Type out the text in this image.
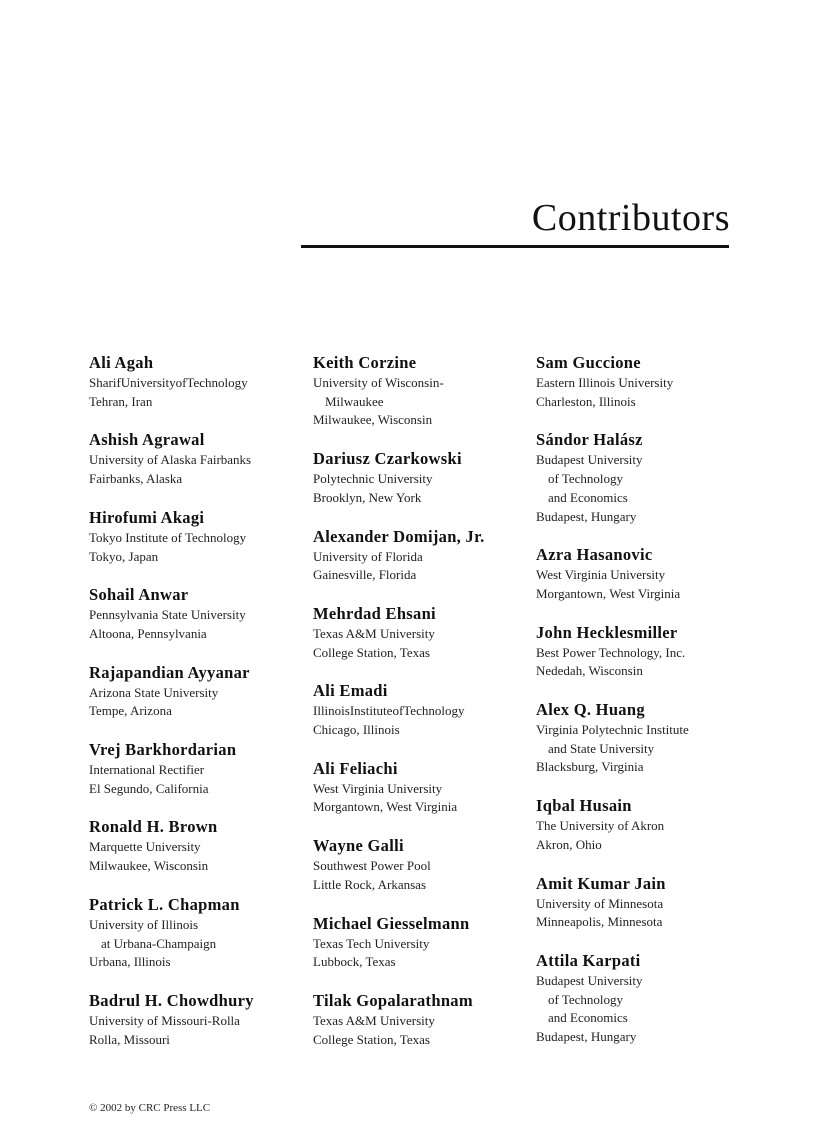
Contributors
Ali Agah
SharifUniversityofTechnology
Tehran, Iran
Ashish Agrawal
University of Alaska Fairbanks
Fairbanks, Alaska
Hirofumi Akagi
Tokyo Institute of Technology
Tokyo, Japan
Sohail Anwar
Pennsylvania State University
Altoona, Pennsylvania
Rajapandian Ayyanar
Arizona State University
Tempe, Arizona
Vrej Barkhordarian
International Rectifier
El Segundo, California
Ronald H. Brown
Marquette University
Milwaukee, Wisconsin
Patrick L. Chapman
University of Illinois
at Urbana-Champaign
Urbana, Illinois
Badrul H. Chowdhury
University of Missouri-Rolla
Rolla, Missouri
Keith Corzine
University of Wisconsin-
Milwaukee
Milwaukee, Wisconsin
Dariusz Czarkowski
Polytechnic University
Brooklyn, New York
Alexander Domijan, Jr.
University of Florida
Gainesville, Florida
Mehrdad Ehsani
Texas A&M University
College Station, Texas
Ali Emadi
IllinoisInstituteofTechnology
Chicago, Illinois
Ali Feliachi
West Virginia University
Morgantown, West Virginia
Wayne Galli
Southwest Power Pool
Little Rock, Arkansas
Michael Giesselmann
Texas Tech University
Lubbock, Texas
Tilak Gopalarathnam
Texas A&M University
College Station, Texas
Sam Guccione
Eastern Illinois University
Charleston, Illinois
Sándor Halász
Budapest University
of Technology
and Economics
Budapest, Hungary
Azra Hasanovic
West Virginia University
Morgantown, West Virginia
John Hecklesmiller
Best Power Technology, Inc.
Nededah, Wisconsin
Alex Q. Huang
Virginia Polytechnic Institute
and State University
Blacksburg, Virginia
Iqbal Husain
The University of Akron
Akron, Ohio
Amit Kumar Jain
University of Minnesota
Minneapolis, Minnesota
Attila Karpati
Budapest University
of Technology
and Economics
Budapest, Hungary
© 2002 by CRC Press LLC
